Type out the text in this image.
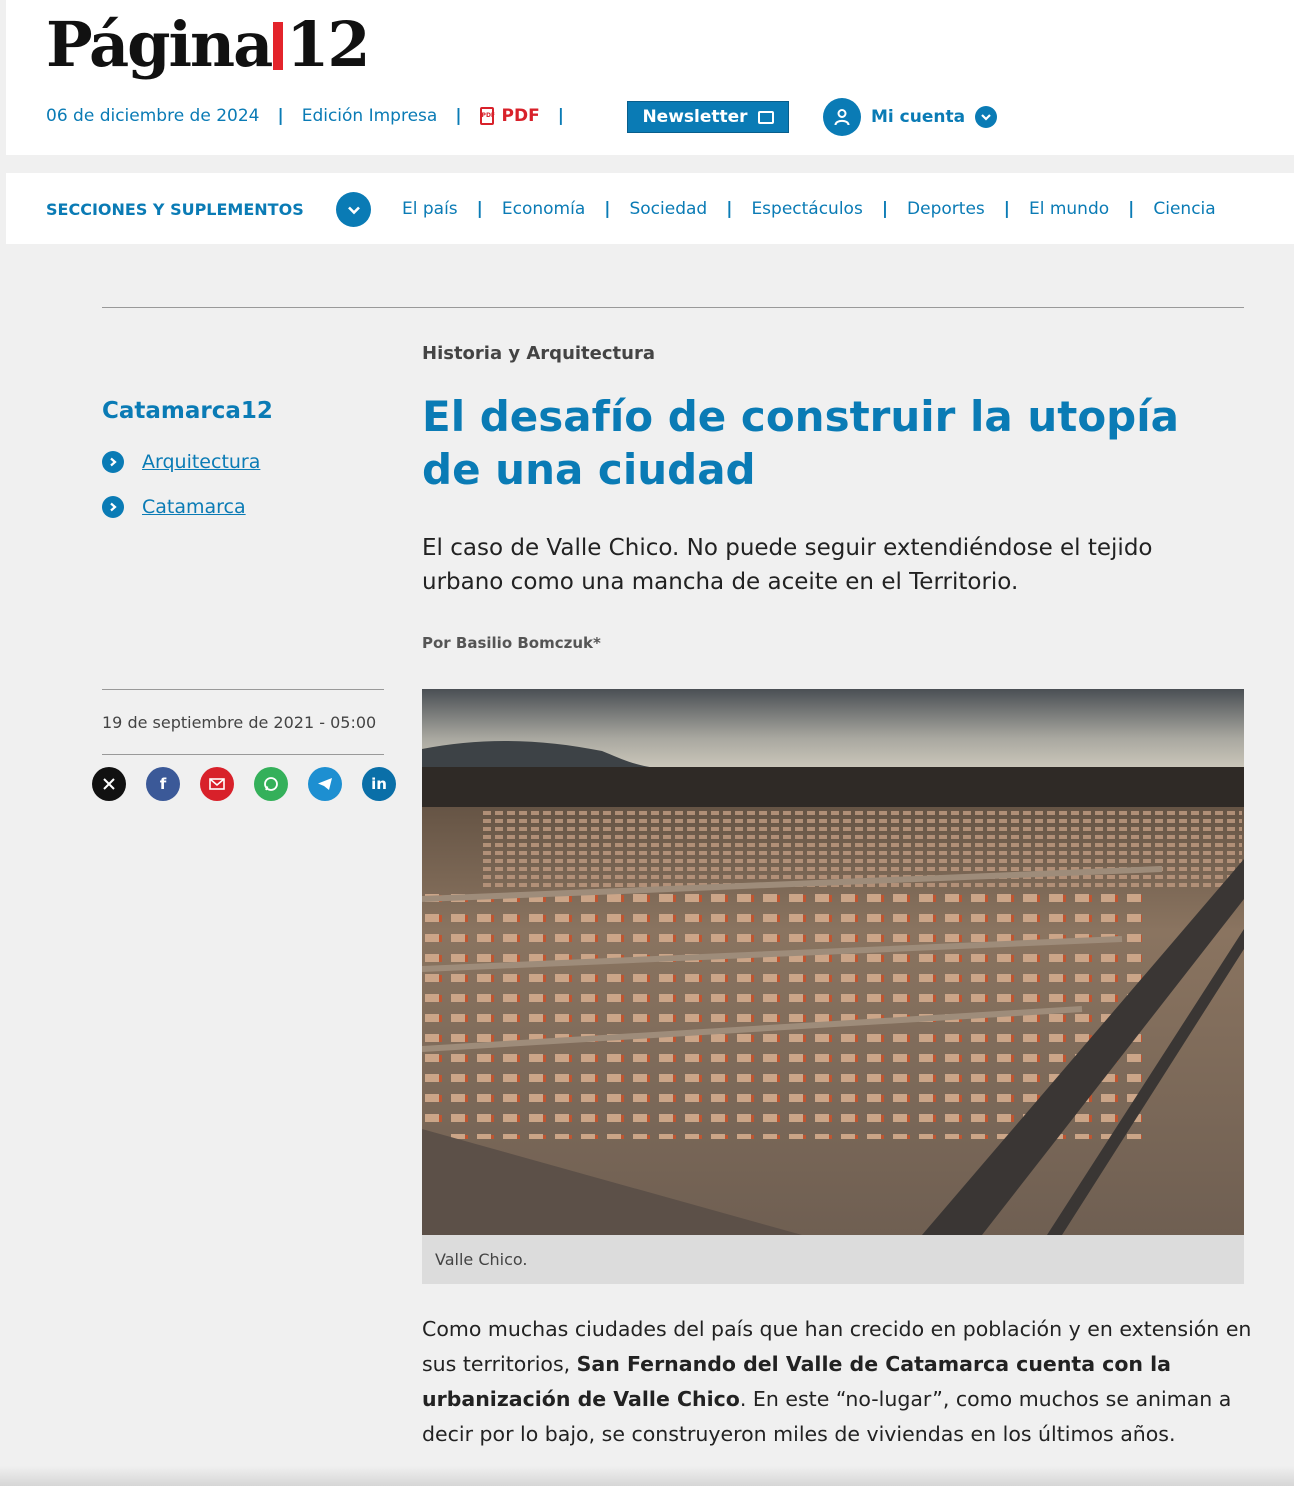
Página 12
06 de diciembre de 2024 | Edición Impresa |	PDF PDF |	Newsletter	Mi cuenta
SECCIONES Y SUPLEMENTOS	El país | Economía | Sociedad | Espectáculos | Deportes | El mundo | Ciencia
Catamarca12
Arquitectura
Catamarca
19 de septiembre de 2021 - 05:00
f	in
Historia y Arquitectura
El desafío de construir la utopía de una ciudad

El caso de Valle Chico. No puede seguir extendiéndose el tejido urbano como una mancha de aceite en el Territorio.

Por Basilio Bomczuk*
Valle Chico.

Como muchas ciudades del país que han crecido en población y en extensión en sus territorios, San Fernando del Valle de Catamarca cuenta con la urbanización de Valle Chico. En este “no-lugar”, como muchos se animan a decir por lo bajo, se construyeron miles de viviendas en los últimos años.
